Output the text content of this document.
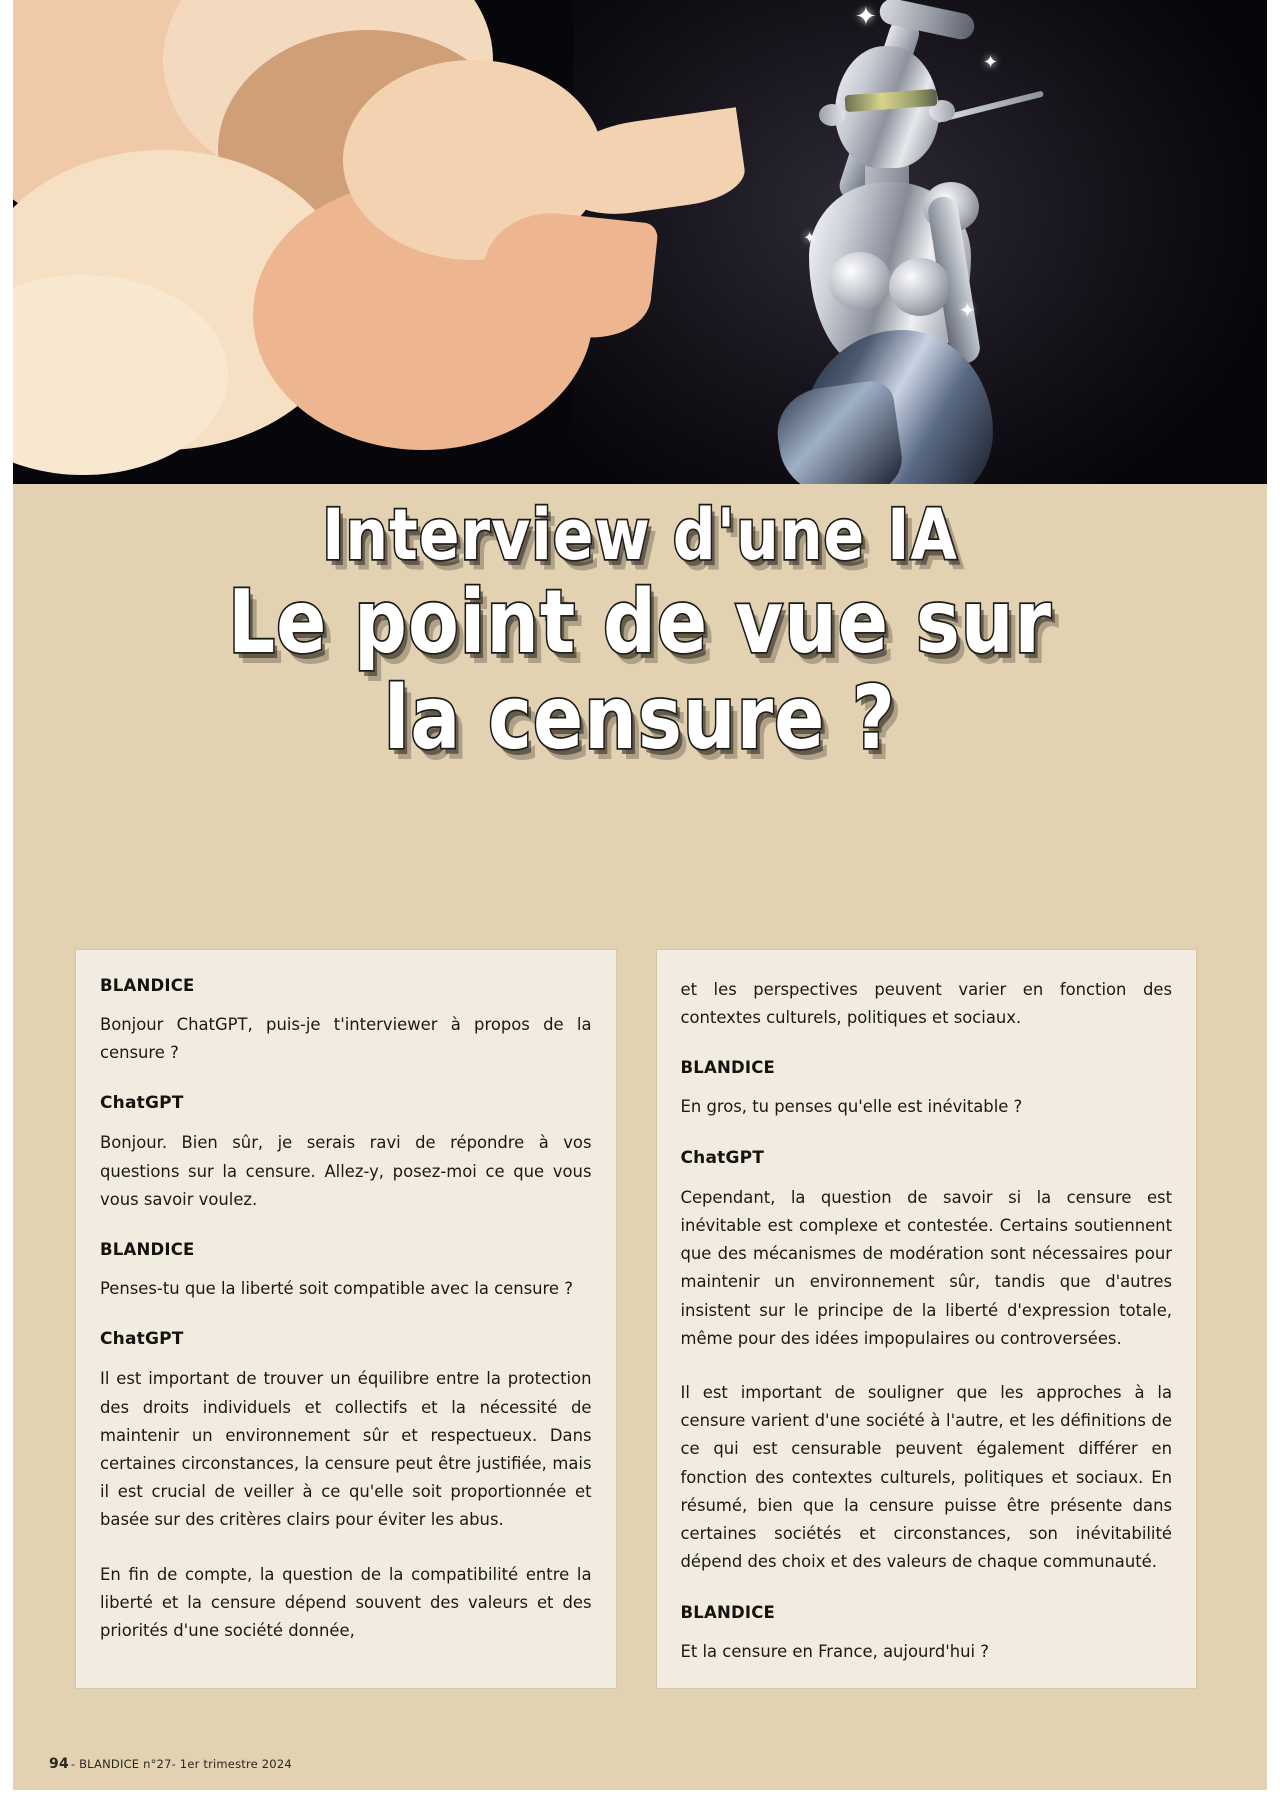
✦
✦
✦
✦
Interview d'une IA
Le point de vue sur
la censure ?

BLANDICE

Bonjour ChatGPT, puis-je t'interviewer à propos de la censure ?

ChatGPT

Bonjour. Bien sûr, je serais ravi de répondre à vos questions sur la censure. Allez-y, posez-moi ce que vous vous savoir voulez.

BLANDICE

Penses-tu que la liberté soit compatible avec la censure ?

ChatGPT

Il est important de trouver un équilibre entre la protection des droits individuels et collectifs et la nécessité de maintenir un environnement sûr et respectueux. Dans certaines circonstances, la censure peut être justifiée, mais il est crucial de veiller à ce qu'elle soit proportionnée et basée sur des critères clairs pour éviter les abus.

En fin de compte, la question de la compatibilité entre la liberté et la censure dépend souvent des valeurs et des priorités d'une société donnée,

et les perspectives peuvent varier en fonction des contextes culturels, politiques et sociaux.

BLANDICE

En gros, tu penses qu'elle est inévitable ?

ChatGPT

Cependant, la question de savoir si la censure est inévitable est complexe et contestée. Certains soutiennent que des mécanismes de modération sont nécessaires pour maintenir un environnement sûr, tandis que d'autres insistent sur le principe de la liberté d'expression totale, même pour des idées impopulaires ou controversées.

Il est important de souligner que les approches à la censure varient d'une société à l'autre, et les définitions de ce qui est censurable peuvent également différer en fonction des contextes culturels, politiques et sociaux. En résumé, bien que la censure puisse être présente dans certaines sociétés et circonstances, son inévitabilité dépend des choix et des valeurs de chaque communauté.

BLANDICE

Et la censure en France, aujourd'hui ?

94 - BLANDICE n°27- 1er trimestre 2024
